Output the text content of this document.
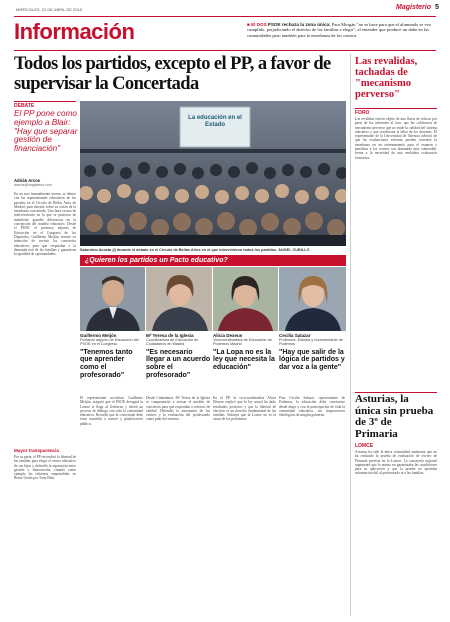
MIÉRCOLES, 22 DE ABRIL DE 2015	Magisterio 5
Información	■ El DOS PSOE rechaza la zona única: Para Morgán "no se hace para que el alumnado se vea cumplido, perjudicando el derecho de las familias a elegir", al entender que produce un daño en las comunidades pero también para la enseñanza de los centros
Todos los partidos, excepto el PP, a favor de supervisar la Concertada
DEBATE
El PP pone como ejemplo a Blair: "Hay que separar gestión de financiación"
Adrián Arcos
aarcos@magisterio.com
En un acto inusualmente sereno, se dieron cita los representantes educativos de los partidos en el Círculo de Bellas Artes de Madrid, para discutir sobre su visión de la enseñanza concertada. Una hora escasa de intervenciones en la que se pusieron de manifiesto grandes diferencias en la concepción del modelo educativo. Desde el PSOE, el portavoz adjunto de Educación en el Congreso de los Diputados, Guillermo Meijón, mostró su intención de revisar los conciertos educativos para que respondan a la demanda real de las familias y garanticen la igualdad de oportunidades.
Mayor transparencia
Por su parte, el PP reivindicó la libertad de las familias para elegir el centro educativo de sus hijos y defendió la separación entre gestión y financiación, citando como ejemplo las reformas emprendidas en Reino Unido por Tony Blair.
La educación en el Estado
Saturnino Acosta (i) durante el debate en el Círculo de Bellas Artes en el que intervinieron todos los partidos. ÁNGEL CUBILLO
¿Quieren los partidos un Pacto educativo?
Guillermo Meijón
Portavoz adjunto de Educación del PSOE en el Congreso
"Tenemos tanto que aprender como el profesorado"
Mª Teresa de la Iglesia
Coordinadora de Educación de Ciudadanos en Madrid
"Es necesario llegar a un acuerdo sobre el profesorado"
Alicia Dexeus
Vicecoordinadora de Educación de Podemos Madrid
"La Lopa no es la ley que necesita la educación"
Cecilia Salazar
Profesora, Estudia y representante de Podemos
"Hay que salir de la lógica de partidos y dar voz a la gente"
El representante socialista, Guillermo Meijón, aseguró que el PSOE derogará la Lomce si llega al Gobierno y abrirá un proceso de diálogo con toda la comunidad educativa. Recordó que la concertada debe estar sometida a control y planificación pública.
Desde Ciudadanos, Mª Teresa de la Iglesia se comprometió a revisar el modelo de conciertos para que respondan a criterios de calidad. Defendió la autonomía de los centros y la evaluación del profesorado como pilar del sistema.
En el PP, la vicecoordinadora Alicia Dexeus explicó que la ley actual ha dado resultados positivos y que la libertad de elección es un derecho fundamental de las familias. Subrayó que la Lomce no es la causa de los problemas.
Para Cecilia Salazar, representante de Podemos, la educación debe construirse desde abajo y con la participación de toda la comunidad educativa, sin imposiciones ideológicas de ningún gobierno.
Las revalidas, tachadas de "mecanismo perverso"
FORO
Las reválidas fueron objeto de una lluvia de críticas por parte de los asistentes al foro, que las calificaron de mecanismo perverso que no mide la calidad del sistema educativo y que condiciona la labor de los docentes. El representante de la Universidad de Valencia advirtió de que las evaluaciones externas pueden convertir la enseñanza en un entrenamiento para el examen y penalizar a los centros con alumnado más vulnerable, frente a la necesidad de una verdadera evaluación formativa.
Asturias, la única sin prueba de 3º de Primaria
LOMCE
Asturias ha sido la única comunidad autónoma que no ha realizado la prueba de evaluación de tercero de Primaria prevista en la Lomce. La consejería regional argumentó que la norma no garantizaba las condiciones para su aplicación y que la prueba no aportaba información útil al profesorado ni a las familias.
